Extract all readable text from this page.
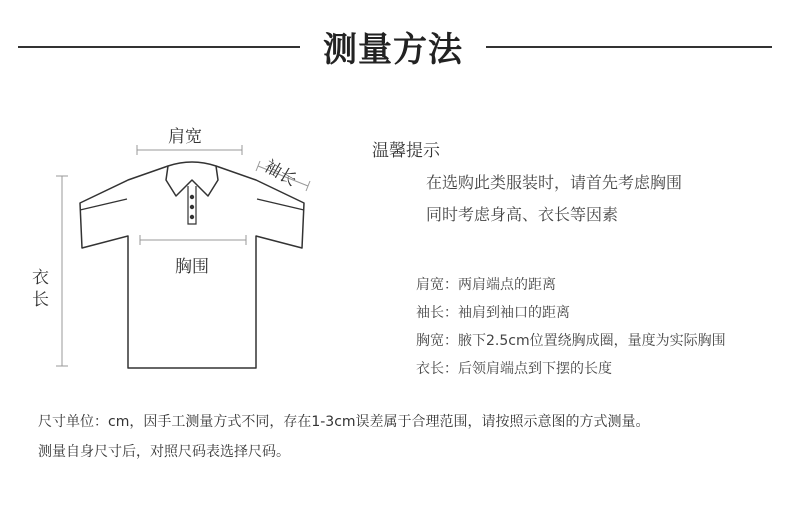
测量方法
肩宽
袖长
胸围
衣
长
温馨提示
在选购此类服装时，请首先考虑胸围
同时考虑身高、衣长等因素
肩宽：两肩端点的距离
袖长：袖肩到袖口的距离
胸宽：腋下2.5cm位置绕胸成圈，量度为实际胸围
衣长：后领肩端点到下摆的长度
尺寸单位：cm，因手工测量方式不同，存在1-3cm误差属于合理范围，请按照示意图的方式测量。
测量自身尺寸后，对照尺码表选择尺码。
